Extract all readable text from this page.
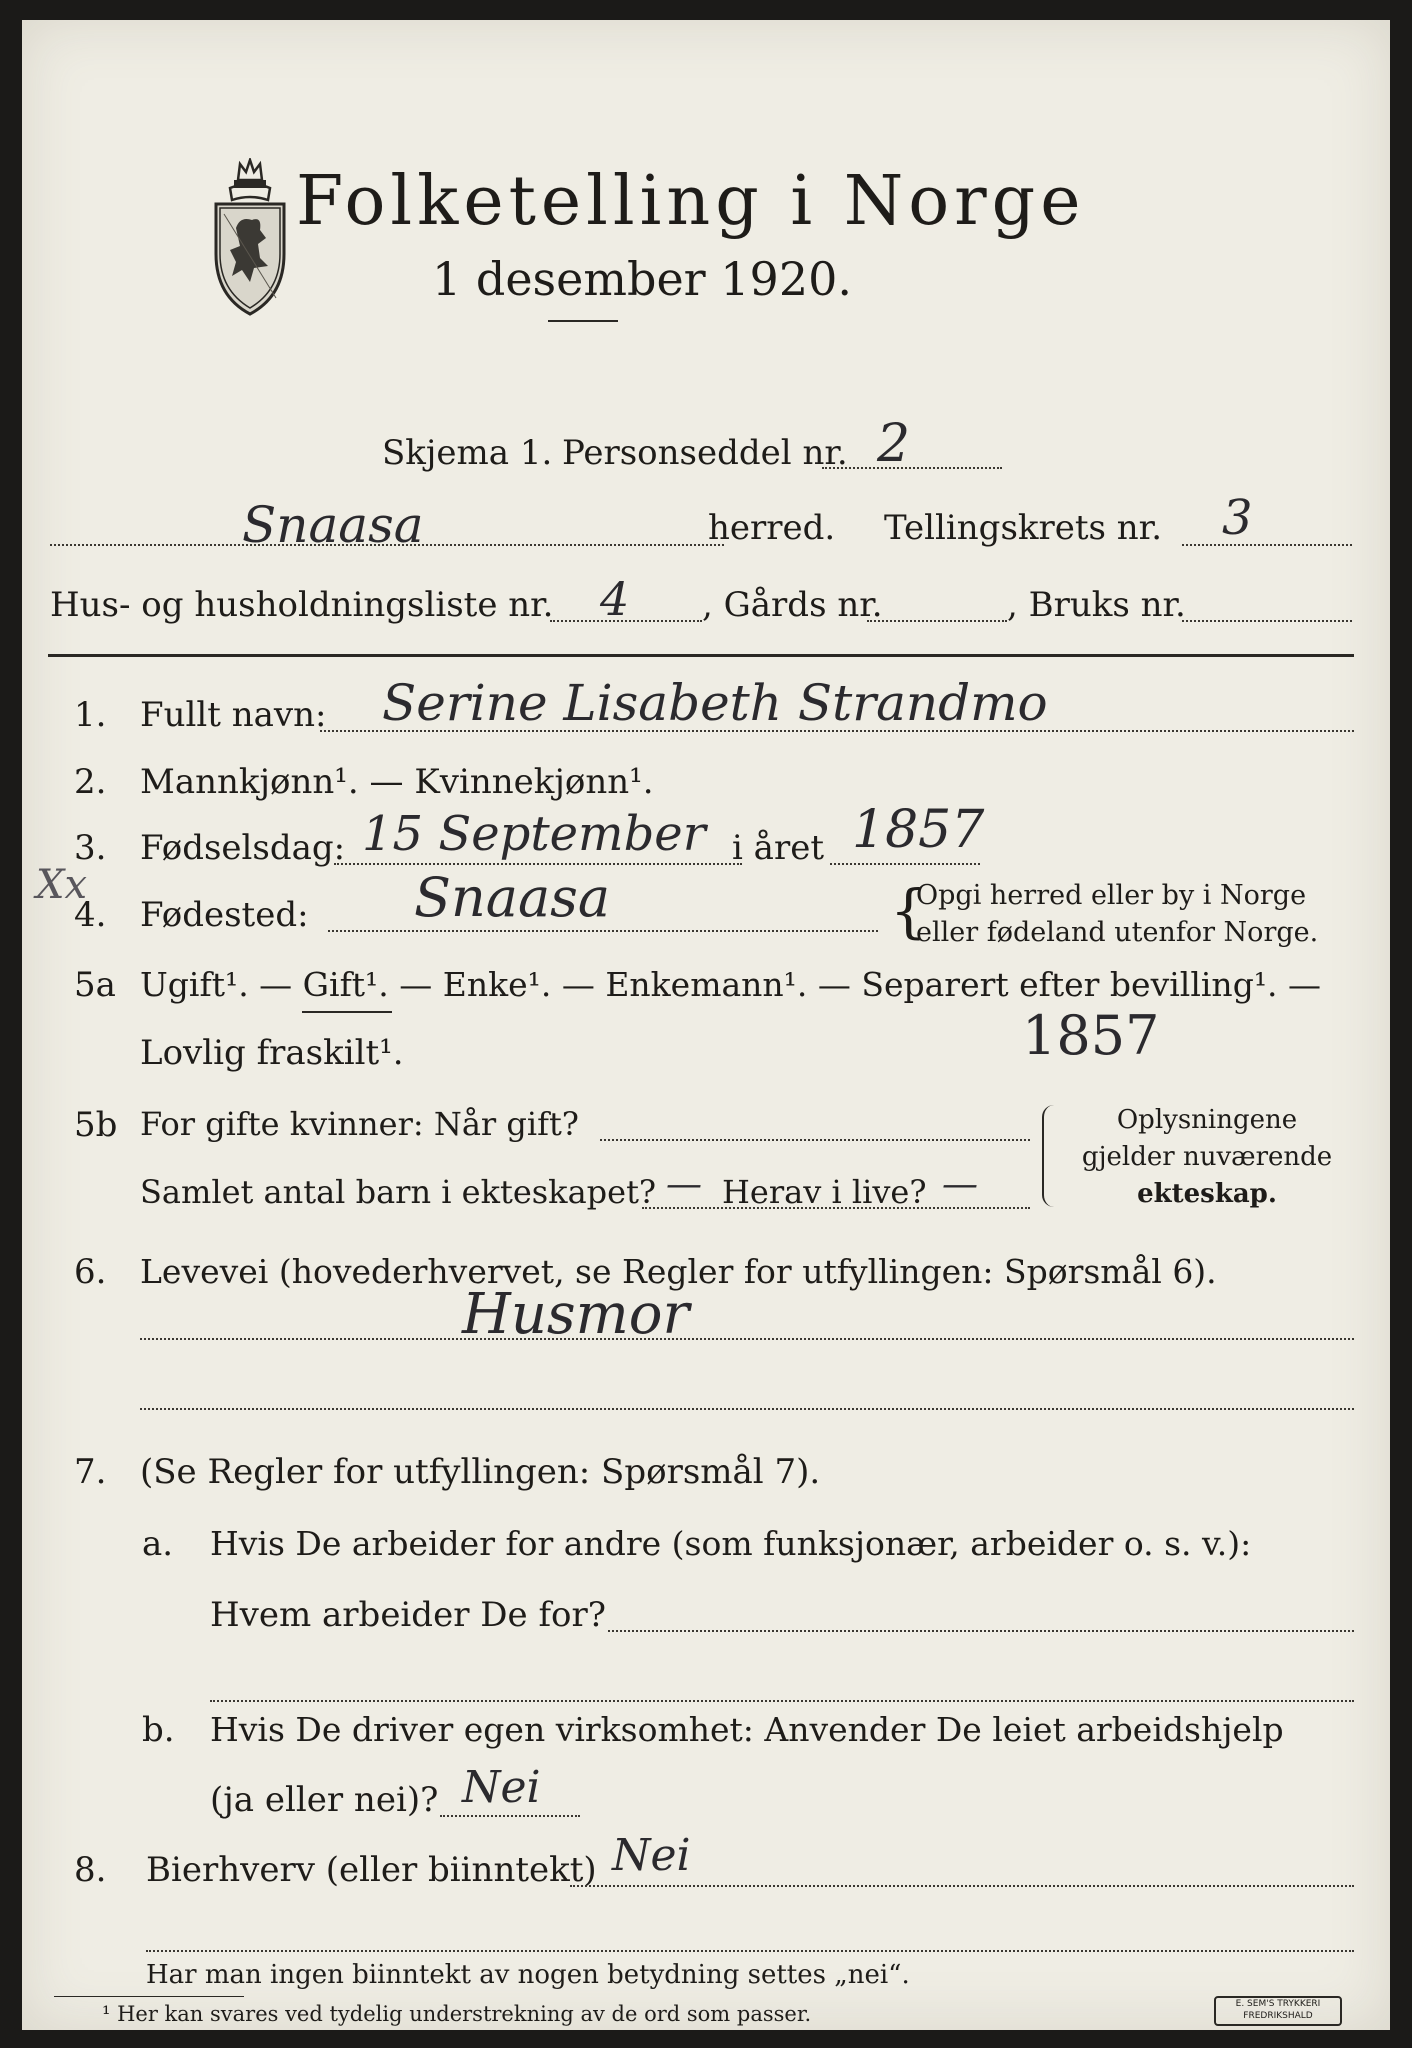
Folketelling i Norge
1 desember 1920.
Skjema 1. Personseddel nr. 2
Snaasa	herred. Tellingskrets nr. 3
Hus- og husholdningsliste nr. 4 , Gårds nr.	, Bruks nr.
1. Fullt navn: Serine Lisabeth Strandmo
2. Mannkjønn¹. — Kvinnekjønn¹.
3. Fødselsdag: 15 September i året 1857
Xx
4. Fødested: Snaasa	{
Opgi herred eller by i Norge
eller fødeland utenfor Norge.
5a Ugift¹. — Gift¹. — Enke¹. — Enkemann¹. — Separert efter bevilling¹. —
Lovlig fraskilt¹.	1857
5b For gifte kvinner: Når gift?
Samlet antal barn i ekteskapet? — Herav i live? —
Oplysningene
gjelder nuværende
ekteskap.
6. Levevei (hovederhvervet, se Regler for utfyllingen: Spørsmål 6).
Husmor
7. (Se Regler for utfyllingen: Spørsmål 7).
a. Hvis De arbeider for andre (som funksjonær, arbeider o. s. v.):
Hvem arbeider De for?
b. Hvis De driver egen virksomhet: Anvender De leiet arbeidshjelp
(ja eller nei)? Nei
8. Bierhverv (eller biinntekt) Nei
Har man ingen biinntekt av nogen betydning settes „nei“.
¹ Her kan svares ved tydelig understrekning av de ord som passer.	E. SEM'S TRYKKERI
FREDRIKSHALD
